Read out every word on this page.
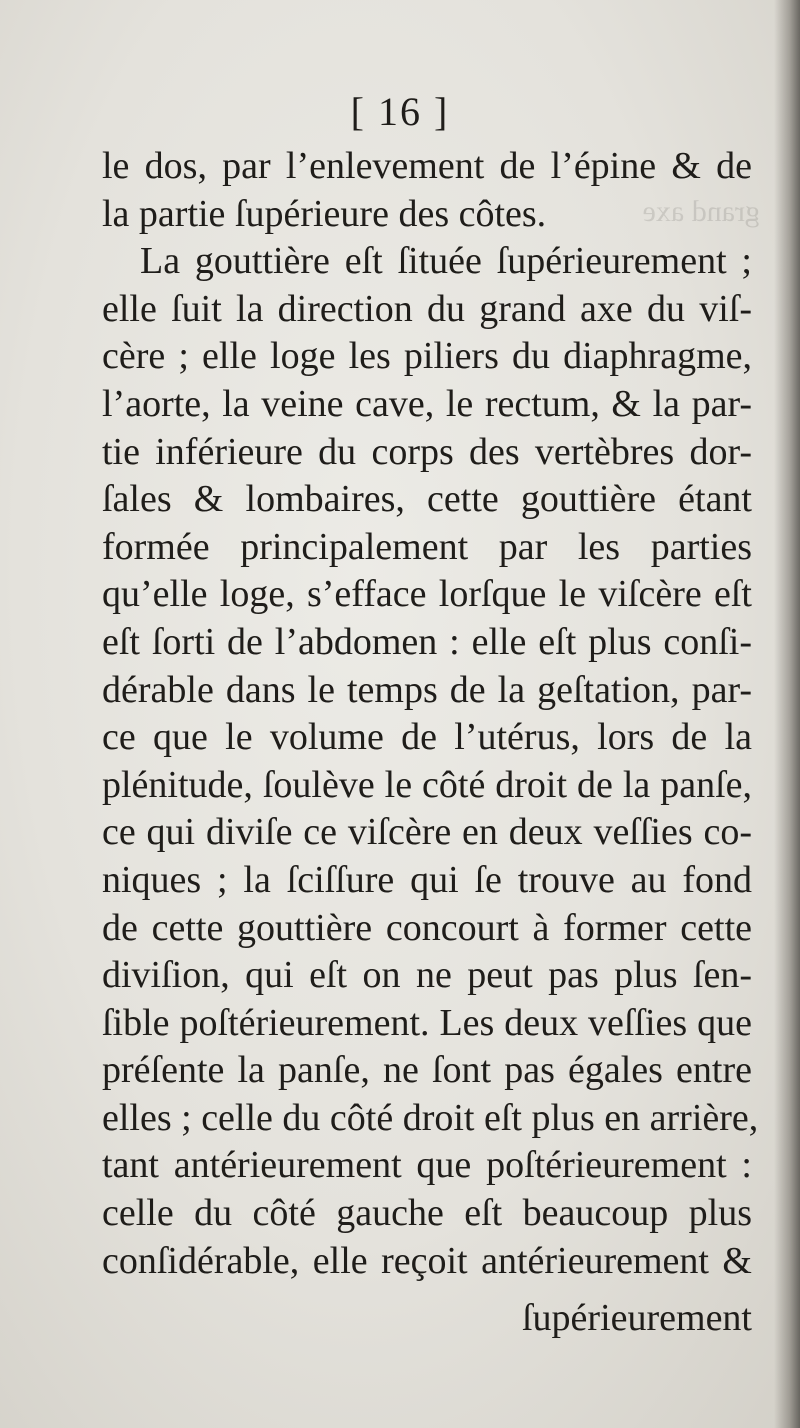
grand axe
[ 16 ]
le dos, par l’enlevement de l’épine & de
la partie ſupérieure des côtes.
La gouttière eſt ſituée ſupérieurement ;
elle ſuit la direction du grand axe du viſ-
cère ; elle loge les piliers du diaphragme,
l’aorte, la veine cave, le rectum, & la par-
tie inférieure du corps des vertèbres dor-
ſales & lombaires, cette gouttière étant
formée principalement par les parties
qu’elle loge, s’efface lorſque le viſcère eſt
eſt ſorti de l’abdomen : elle eſt plus conſi-
dérable dans le temps de la geſtation, par-
ce que le volume de l’utérus, lors de la
plénitude, ſoulève le côté droit de la panſe,
ce qui diviſe ce viſcère en deux veſſies co-
niques ; la ſciſſure qui ſe trouve au fond
de cette gouttière concourt à former cette
diviſion, qui eſt on ne peut pas plus ſen-
ſible poſtérieurement. Les deux veſſies que
préſente la panſe, ne ſont pas égales entre
elles ; celle du côté droit eſt plus en arrière,
tant antérieurement que poſtérieurement :
celle du côté gauche eſt beaucoup plus
conſidérable, elle reçoit antérieurement &
ſupérieurement
